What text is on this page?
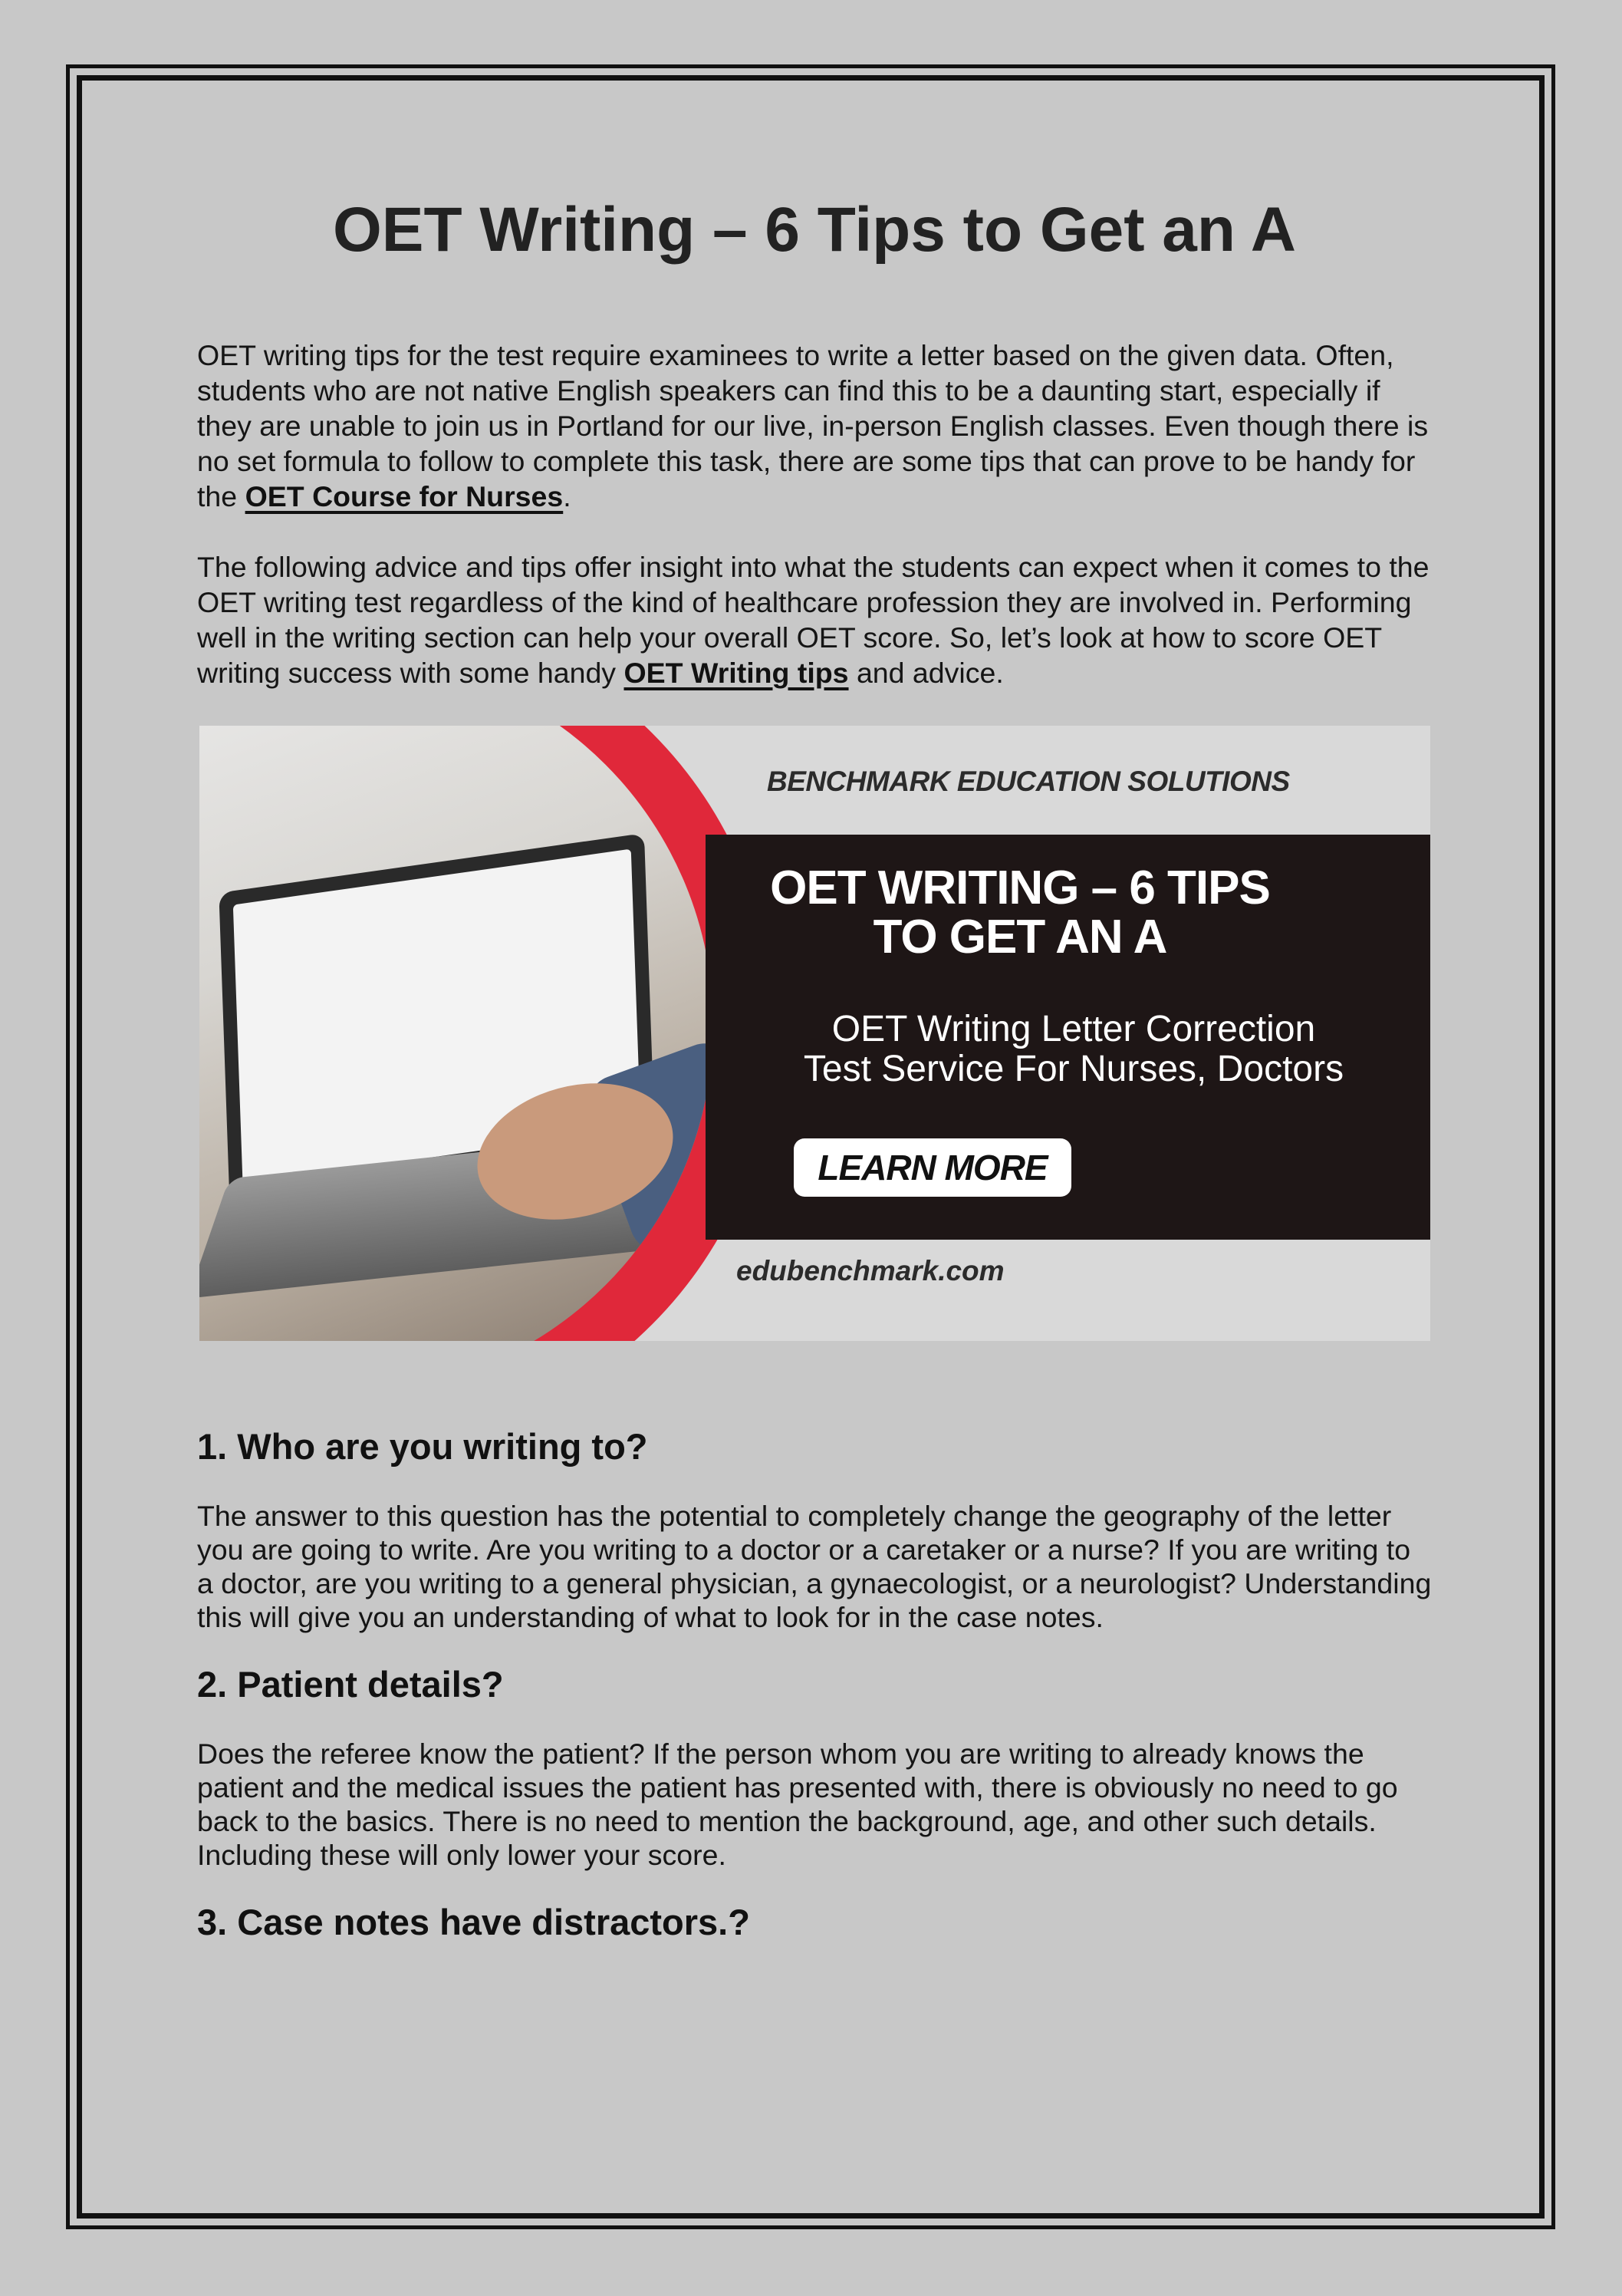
OET Writing – 6 Tips to Get an A

OET writing tips for the test require examinees to write a letter based on the given data. Often, students who are not native English speakers can find this to be a daunting start, especially if they are unable to join us in Portland for our live, in-person English classes. Even though there is no set formula to follow to complete this task, there are some tips that can prove to be handy for the OET Course for Nurses.

The following advice and tips offer insight into what the students can expect when it comes to the OET writing test regardless of the kind of healthcare profession they are involved in. Performing well in the writing section can help your overall OET score. So, let’s look at how to score OET writing success with some handy OET Writing tips and advice.

BENCHMARK EDUCATION SOLUTIONS
OET WRITING – 6 TIPS
TO GET AN A
OET Writing Letter Correction
Test Service For Nurses, Doctors
LEARN MORE
edubenchmark.com
1. Who are you writing to?

The answer to this question has the potential to completely change the geography of the letter you are going to write. Are you writing to a doctor or a caretaker or a nurse? If you are writing to a doctor, are you writing to a general physician, a gynaecologist, or a neurologist? Understanding this will give you an understanding of what to look for in the case notes.

2. Patient details?

Does the referee know the patient? If the person whom you are writing to already knows the patient and the medical issues the patient has presented with, there is obviously no need to go back to the basics. There is no need to mention the background, age, and other such details. Including these will only lower your score.

3. Case notes have distractors.?
